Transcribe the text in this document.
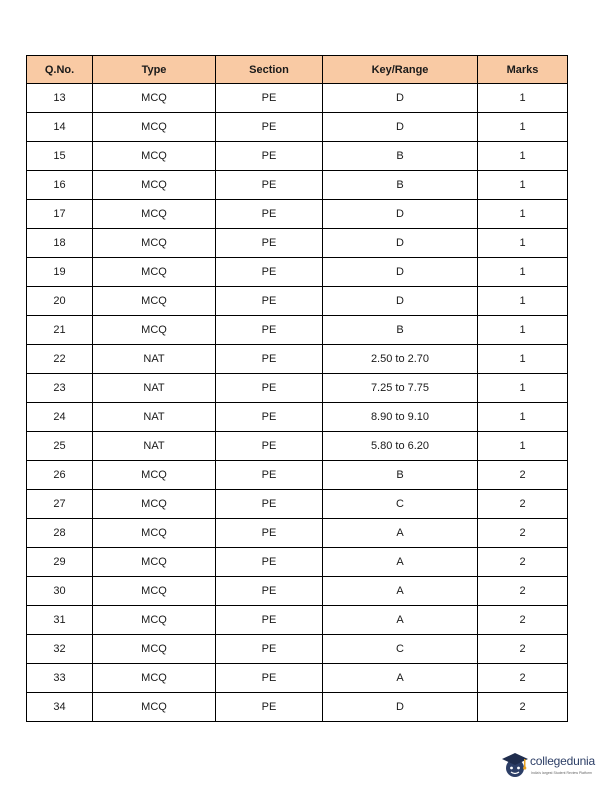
Q.No.	Type	Section	Key/Range	Marks
13	MCQ	PE	D	1
14	MCQ	PE	D	1
15	MCQ	PE	B	1
16	MCQ	PE	B	1
17	MCQ	PE	D	1
18	MCQ	PE	D	1
19	MCQ	PE	D	1
20	MCQ	PE	D	1
21	MCQ	PE	B	1
22	NAT	PE	2.50 to 2.70	1
23	NAT	PE	7.25 to 7.75	1
24	NAT	PE	8.90 to 9.10	1
25	NAT	PE	5.80 to 6.20	1
26	MCQ	PE	B	2
27	MCQ	PE	C	2
28	MCQ	PE	A	2
29	MCQ	PE	A	2
30	MCQ	PE	A	2
31	MCQ	PE	A	2
32	MCQ	PE	C	2
33	MCQ	PE	A	2
34	MCQ	PE	D	2
collegedunia
India's largest Student Review Platform
